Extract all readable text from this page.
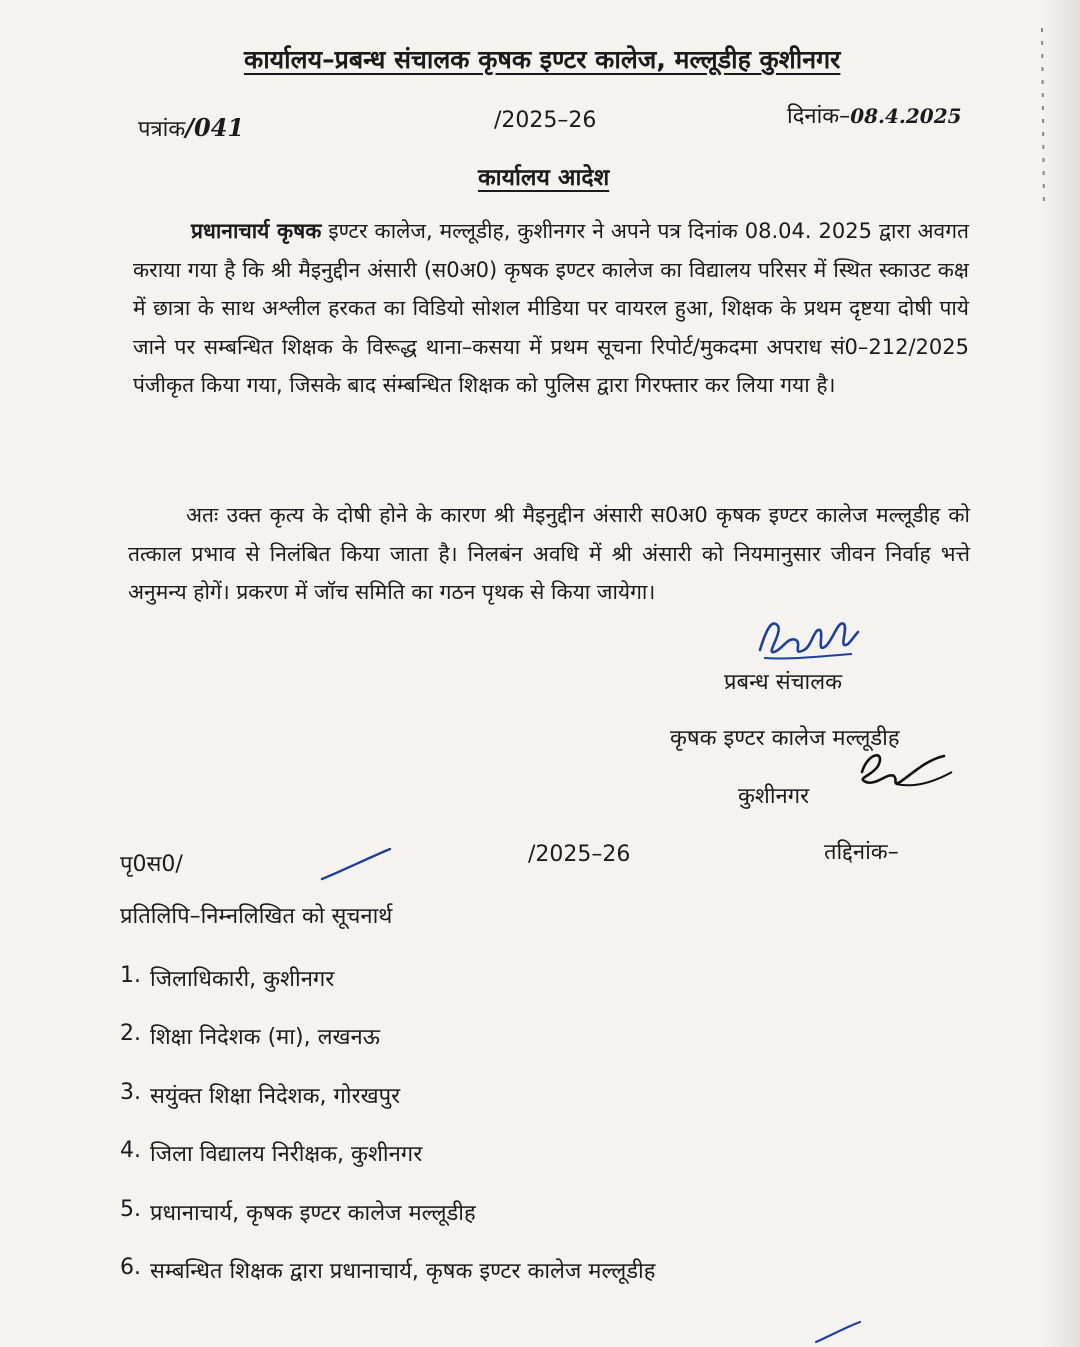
कार्यालय–प्रबन्ध संचालक कृषक इण्टर कालेज, मल्लूडीह कुशीनगर
पत्रांक/041	/2025–26	दिनांक–08.4.2025
कार्यालय आदेश
प्रधानाचार्य कृषक इण्टर कालेज, मल्लूडीह, कुशीनगर ने अपने पत्र दिनांक 08.04. 2025 द्वारा अवगत कराया गया है कि श्री मैइनुद्दीन अंसारी (स0अ0) कृषक इण्टर कालेज का विद्यालय परिसर में स्थित स्काउट कक्ष में छात्रा के साथ अश्लील हरकत का विडियो सोशल मीडिया पर वायरल हुआ, शिक्षक के प्रथम दृष्टया दोषी पाये जाने पर सम्बन्धित शिक्षक के विरूद्ध थाना–कसया में प्रथम सूचना रिपोर्ट/मुकदमा अपराध सं0–212/2025 पंजीकृत किया गया, जिसके बाद संम्बन्धित शिक्षक को पुलिस द्वारा गिरफ्तार कर लिया गया है।
अतः उक्त कृत्य के दोषी होने के कारण श्री मैइनुद्दीन अंसारी स0अ0 कृषक इण्टर कालेज मल्लूडीह को तत्काल प्रभाव से निलंबित किया जाता है। निलबंन अवधि में श्री अंसारी को नियमानुसार जीवन निर्वाह भत्ते अनुमन्य होगें। प्रकरण में जॉच समिति का गठन पृथक से किया जायेगा।
प्रबन्ध संचालक
कृषक इण्टर कालेज मल्लूडीह
कुशीनगर
पृ0स0/	/2025–26	तद्दिनांक–
प्रतिलिपि–निम्नलिखित को सूचनार्थ
1. जिलाधिकारी, कुशीनगर
2. शिक्षा निदेशक (मा), लखनऊ
3. सयुंक्त शिक्षा निदेशक, गोरखपुर
4. जिला विद्यालय निरीक्षक, कुशीनगर
5. प्रधानाचार्य, कृषक इण्टर कालेज मल्लूडीह
6. सम्बन्धित शिक्षक द्वारा प्रधानाचार्य, कृषक इण्टर कालेज मल्लूडीह
